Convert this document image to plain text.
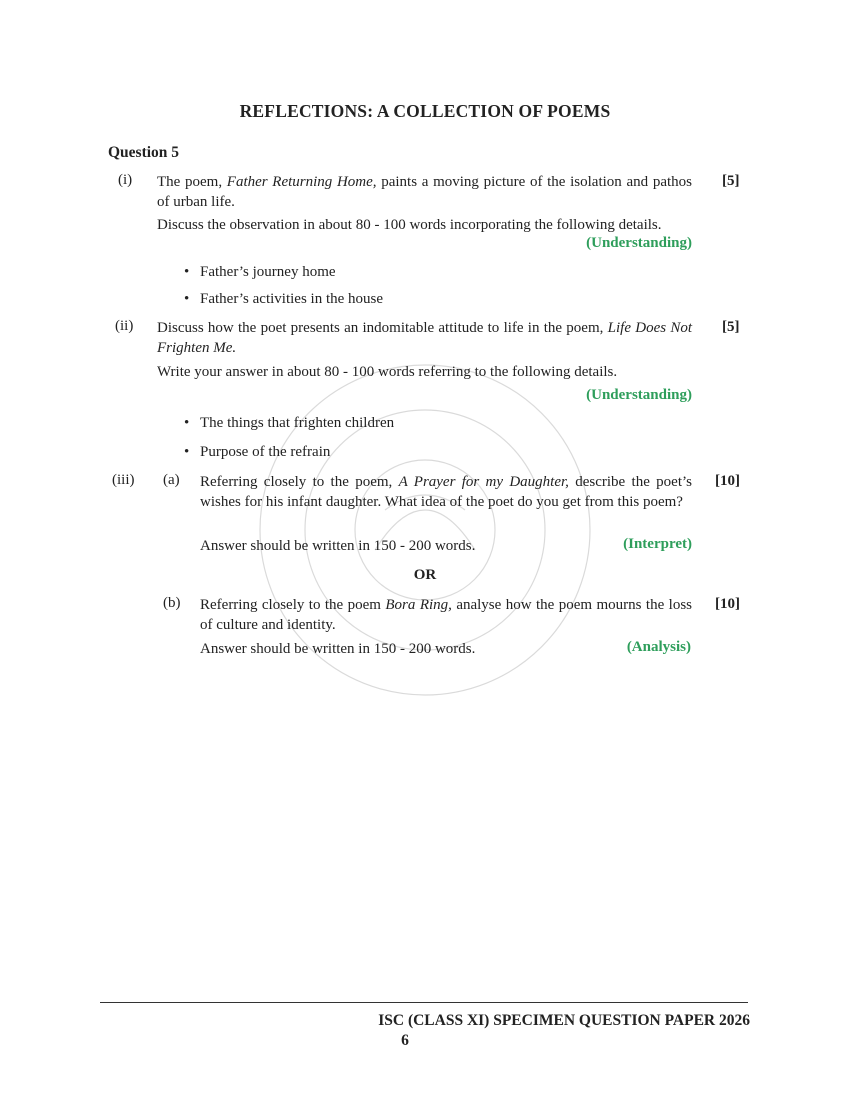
REFLECTIONS: A COLLECTION OF POEMS
Question 5
(i) The poem, Father Returning Home, paints a moving picture of the isolation and pathos of urban life.
[5]
Discuss the observation in about 80 - 100 words incorporating the following details.
(Understanding)
• Father’s journey home
• Father’s activities in the house
(ii) Discuss how the poet presents an indomitable attitude to life in the poem, Life Does Not Frighten Me.
[5]
Write your answer in about 80 - 100 words referring to the following details.
(Understanding)
• The things that frighten children
• Purpose of the refrain
(iii) (a) Referring closely to the poem, A Prayer for my Daughter, describe the poet’s wishes for his infant daughter. What idea of the poet do you get from this poem?
[10]
Answer should be written in 150 - 200 words.	(Interpret)
OR
(b) Referring closely to the poem Bora Ring, analyse how the poem mourns the loss of culture and identity.
[10]
Answer should be written in 150 - 200 words.	(Analysis)
ISC (CLASS XI) SPECIMEN QUESTION PAPER 2026
6
